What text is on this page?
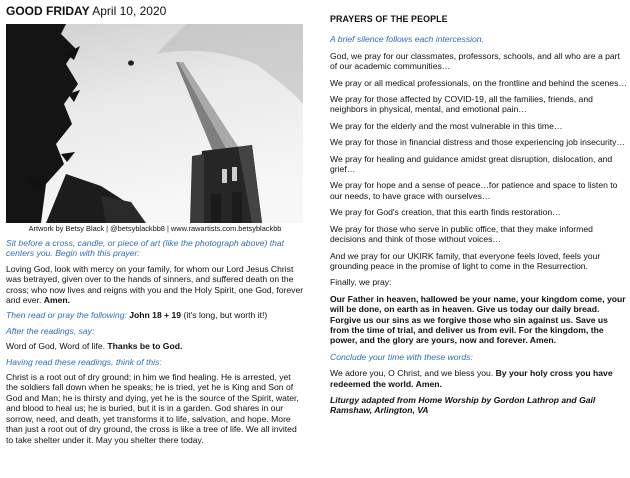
GOOD FRIDAY April 10, 2020
Artwork by Betsy Black | @betsyblackbb8 | www.rawartists.com.betsyblackbb

Sit before a cross, candle, or piece of art (like the photograph above) that centers you. Begin with this prayer:

Loving God, look with mercy on your family, for whom our Lord Jesus Christ was betrayed, given over to the hands of sinners, and suffered death on the cross; who now lives and reigns with you and the Holy Spirit, one God, forever and ever. Amen.

Then read or pray the following: John 18 + 19 (it's long, but worth it!)

After the readings, say:

Word of God, Word of life. Thanks be to God.

Having read these readings, think of this:

Christ is a root out of dry ground; in him we find healing. He is arrested, yet the soldiers fall down when he speaks; he is tried, yet he is King and Son of God and Man; he is thirsty and dying, yet he is the source of the Spirit, water, and blood to heal us; he is buried, but it is in a garden. God shares in our sorrow, need, and death, yet transforms it to life, salvation, and hope. More than just a root out of dry ground, the cross is like a tree of life. We all invited to take shelter under it. May you shelter there today.

PRAYERS OF THE PEOPLE

A brief silence follows each intercession.

God, we pray for our classmates, professors, schools, and all who are a part of our academic communities…

We pray or all medical professionals, on the frontline and behind the scenes…

We pray for those affected by COVID-19, all the families, friends, and neighbors in physical, mental, and emotional pain…

We pray for the elderly and the most vulnerable in this time…

We pray for those in financial distress and those experiencing job insecurity…

We pray for healing and guidance amidst great disruption, dislocation, and grief…

We pray for hope and a sense of peace…for patience and space to listen to our needs, to have grace with ourselves…

We pray for God's creation, that this earth finds restoration…

We pray for those who serve in public office, that they make informed decisions and think of those without voices…

And we pray for our UKIRK family, that everyone feels loved, feels your grounding peace in the promise of light to come in the Resurrection.

Finally, we pray:

Our Father in heaven, hallowed be your name, your kingdom come, your will be done, on earth as in heaven. Give us today our daily bread. Forgive us our sins as we forgive those who sin against us. Save us from the time of trial, and deliver us from evil. For the kingdom, the power, and the glory are yours, now and forever. Amen.

Conclude your time with these words:

We adore you, O Christ, and we bless you. By your holy cross you have redeemed the world. Amen.

Liturgy adapted from Home Worship by Gordon Lathrop and Gail Ramshaw, Arlington, VA
